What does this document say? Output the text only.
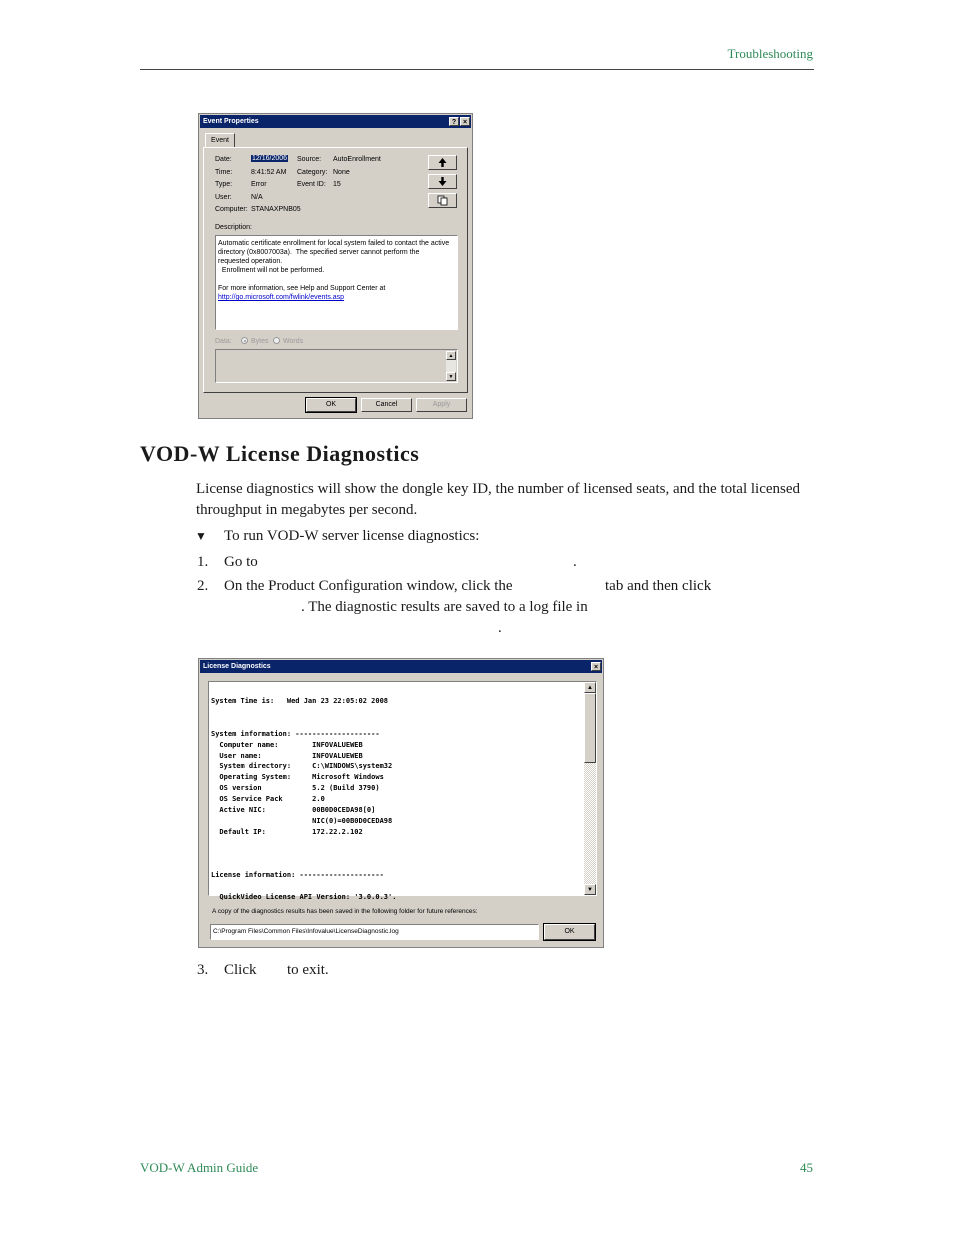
Troubleshooting
Event Properties	? ×
Event
Date:	12/16/2006 Source: AutoEnrollment
Time:	8:41:52 AM Category: None
Type:	Error	Event ID: 15
User:	N/A
Computer: STANAXPNB05
Description:
Automatic certificate enrollment for local system failed to contact the active
directory (0x8007003a).  The specified server cannot perform the
requested operation.
Enrollment will not be performed.
For more information, see Help and Support Center at
http://go.microsoft.com/fwlink/events.asp
Data:	Bytes Words
▲
▼
OK	Cancel	Apply
VOD-W License Diagnostics
License diagnostics will show the dongle key ID, the number of licensed seats, and the total licensed throughput in megabytes per second.
▼ To run VOD-W server license diagnostics:
1. Go to	.
2. On the Product Configuration window, click the	tab and then click
. The diagnostic results are saved to a log file in
.
License Diagnostics	×
System Time is:   Wed Jan 23 22:05:02 2008
System information: --------------------
Computer name:        INFOVALUEWEB
User name:            INFOVALUEWEB
System directory:     C:\WINDOWS\system32
Operating System:     Microsoft Windows
OS version            5.2 (Build 3790)
OS Service Pack       2.0
Active NIC:           00B0D0CEDA98[0]
NIC(0)=00B0D0CEDA98
Default IP:           172.22.2.102
License information: --------------------
QuickVideo License API Version: '3.0.0.3'.
▲
▼
A copy of the diagnostics results has been saved in the following folder for future references:
C:\Program Files\Common Files\Infovalue\LicenseDiagnostic.log	OK
3. Click to exit.
VOD-W Admin Guide	45
